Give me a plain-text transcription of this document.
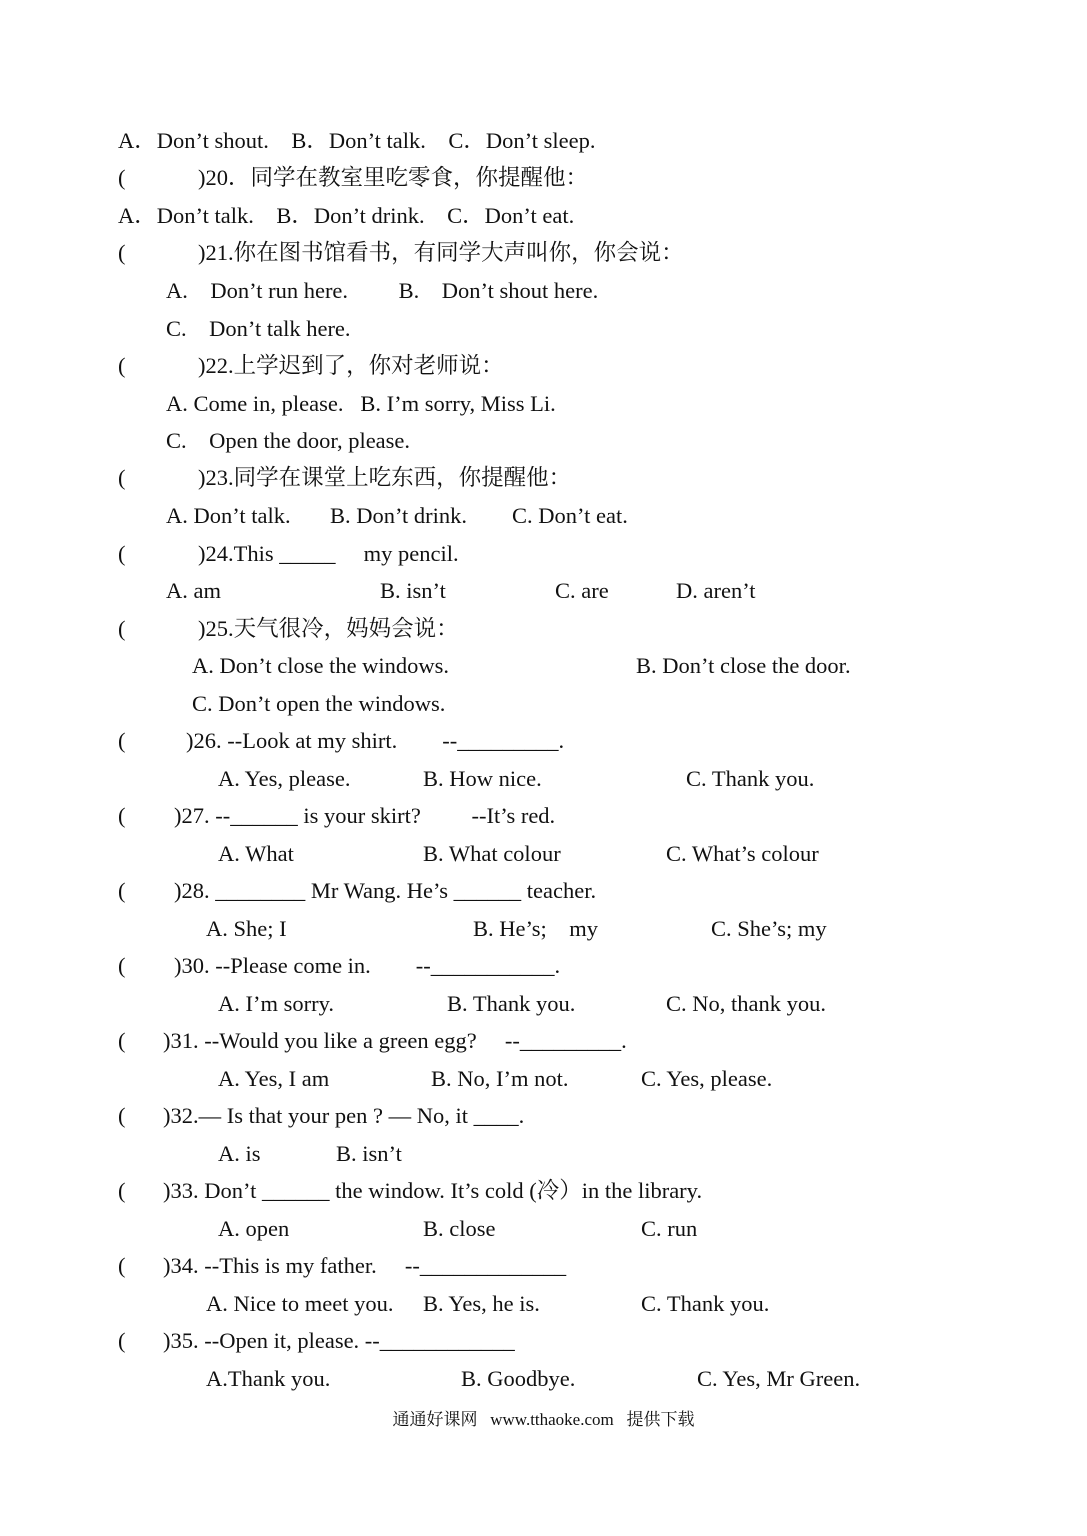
A．Don’t shout.    B．Don’t talk.    C．Don’t sleep.
(	)20．同学在教室里吃零食，你提醒他：
A．Don’t talk.    B．Don’t drink.    C．Don’t eat.
(	)21.你在图书馆看书，有同学大声叫你，你会说：
A.    Don’t run here.         B.    Don’t shout here.
C.    Don’t talk here.
(	)22.上学迟到了，你对老师说：
A. Come in, please.   B. I’m sorry, Miss Li.
C.    Open the door, please.
(	)23.同学在课堂上吃东西，你提醒他：
A. Don’t talk.       B. Don’t drink.        C. Don’t eat.
(	)24.This _____     my pencil.
A. am	B. isn’t	C. are	D. aren’t
(	)25.天气很冷，妈妈会说：
A. Don’t close the windows.	B. Don’t close the door.
C. Don’t open the windows.
(	)26. --Look at my shirt.        --_________.
A. Yes, please.	B. How nice.	C. Thank you.
( )27. --______ is your skirt?         --It’s red.
A. What	B. What colour	C. What’s colour
( )28. ________ Mr Wang. He’s ______ teacher.
A. She; I	B. He’s;    my	C. She’s; my
( )30. --Please come in.        --___________.
A. I’m sorry.	B. Thank you.	C. No, thank you.
( )31. --Would you like a green egg?     --_________.
A. Yes, I am	B. No, I’m not.	C. Yes, please.
( )32.— Is that your pen ? — No, it ____.
A. is	B. isn’t
( )33. Don’t ______ the window. It’s cold (冷）in the library.
A. open	B. close	C. run
( )34. --This is my father.     --_____________
A. Nice to meet you. B. Yes, he is.	C. Thank you.
( )35. --Open it, please. --____________
A.Thank you.	B. Goodbye.	C. Yes, Mr Green.
通通好课网   www.tthaoke.com   提供下载
